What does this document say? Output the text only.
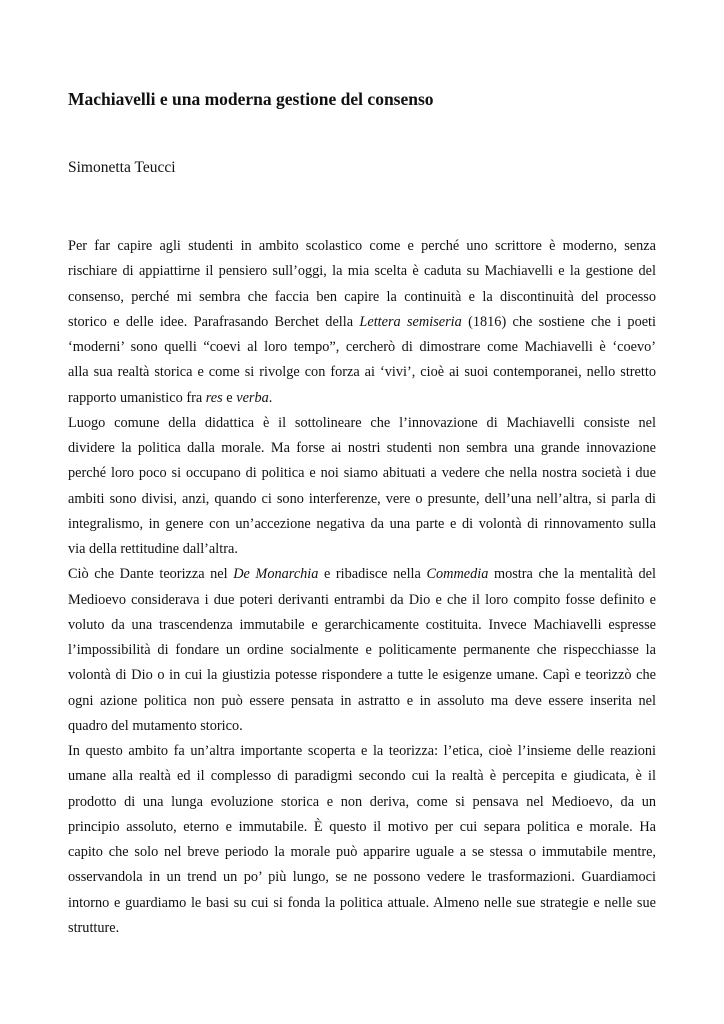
Machiavelli e una moderna gestione del consenso

Simonetta Teucci

Per far capire agli studenti in ambito scolastico come e perché uno scrittore è moderno, senza
rischiare di appiattirne il pensiero sull’oggi, la mia scelta è caduta su Machiavelli e la gestione del
consenso, perché mi sembra che faccia ben capire la continuità e la discontinuità del processo
storico e delle idee. Parafrasando Berchet della Lettera semiseria (1816) che sostiene che i poeti
‘moderni’ sono quelli “coevi al loro tempo”, cercherò di dimostrare come Machiavelli è ‘coevo’
alla sua realtà storica e come si rivolge con forza ai ‘vivi’, cioè ai suoi contemporanei, nello stretto
rapporto umanistico fra res e verba.
Luogo comune della didattica è il sottolineare che l’innovazione di Machiavelli consiste nel
dividere la politica dalla morale. Ma forse ai nostri studenti non sembra una grande innovazione
perché loro poco si occupano di politica e noi siamo abituati a vedere che nella nostra società i due
ambiti sono divisi, anzi, quando ci sono interferenze, vere o presunte, dell’una nell’altra, si parla di
integralismo, in genere con un’accezione negativa da una parte e di volontà di rinnovamento sulla
via della rettitudine dall’altra.
Ciò che Dante teorizza nel De Monarchia e ribadisce nella Commedia mostra che la mentalità del
Medioevo considerava i due poteri derivanti entrambi da Dio e che il loro compito fosse definito e
voluto da una trascendenza immutabile e gerarchicamente costituita. Invece Machiavelli espresse
l’impossibilità di fondare un ordine socialmente e politicamente permanente che rispecchiasse la
volontà di Dio o in cui la giustizia potesse rispondere a tutte le esigenze umane. Capì e teorizzò che
ogni azione politica non può essere pensata in astratto e in assoluto ma deve essere inserita nel
quadro del mutamento storico.
In questo ambito fa un’altra importante scoperta e la teorizza: l’etica, cioè l’insieme delle reazioni
umane alla realtà ed il complesso di paradigmi secondo cui la realtà è percepita e giudicata, è il
prodotto di una lunga evoluzione storica e non deriva, come si pensava nel Medioevo, da un
principio assoluto, eterno e immutabile. È questo il motivo per cui separa politica e morale. Ha
capito che solo nel breve periodo la morale può apparire uguale a se stessa o immutabile mentre,
osservandola in un trend un po’ più lungo, se ne possono vedere le trasformazioni. Guardiamoci
intorno e guardiamo le basi su cui si fonda la politica attuale. Almeno nelle sue strategie e nelle sue
strutture.
